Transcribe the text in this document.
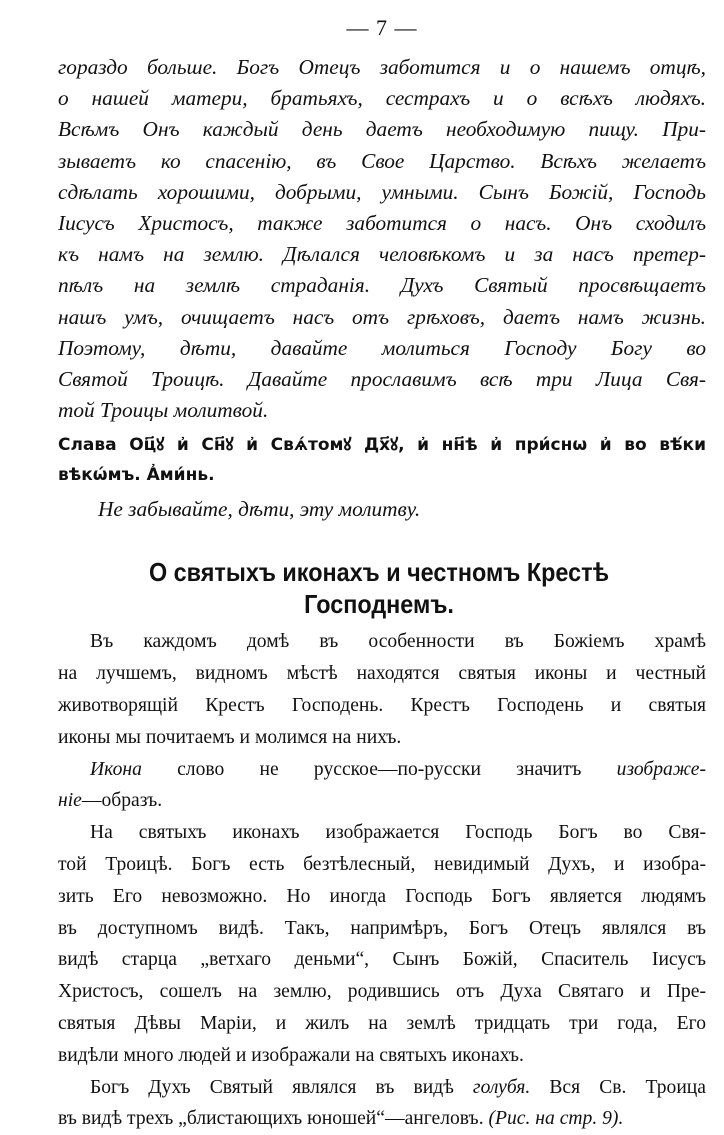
— 7 —

гораздо больше. Богъ Отецъ заботится и о нашемъ отцѣ,

о нашей матери, братьяхъ, сестрахъ и о всѣхъ людяхъ.

Всѣмъ Онъ каждый день даетъ необходимую пищу. При-

зываетъ ко спасенію, въ Свое Царство. Всѣхъ желаетъ

сдѣлать хорошими, добрыми, умными. Сынъ Божій, Господь

Іисусъ Христосъ, также заботится о насъ. Онъ сходилъ

къ намъ на землю. Дѣлался человѣкомъ и за насъ претер-

пѣлъ на землѣ страданія. Духъ Святый просвѣщаетъ

нашъ умъ, очищаетъ насъ отъ грѣховъ, даетъ намъ жизнь.

Поэтому, дѣти, давайте молиться Господу Богу во

Святой Троицѣ. Давайте прославимъ всѣ три Лица Свя-

той Троицы молитвой.

Слава Оц҃ꙋ и҆ Сн҃ꙋ и҆ Свѧ́томꙋ Дх҃ꙋ, и҆ нн҃ѣ и҆ при́снѡ и҆ во вѣ́ки
вѣкѡ́мъ. А҆ми́нь.

Не забывайте, дѣти, эту молитву.

О святыхъ иконахъ и честномъ Крестѣ
Господнемъ.

Въ каждомъ домѣ въ особенности въ Божіемъ храмѣ
на лучшемъ, видномъ мѣстѣ находятся святыя иконы и честный
животворящій Крестъ Господень. Крестъ Господень и святыя
иконы мы почитаемъ и молимся на нихъ.

Икона слово не русское—по-русски значитъ изображе-
ніе—образъ.

На святыхъ иконахъ изображается Господь Богъ во Свя-
той Троицѣ. Богъ есть безтѣлесный, невидимый Духъ, и изобра-
зить Его невозможно. Но иногда Господь Богъ является людямъ
въ доступномъ видѣ. Такъ, напримѣръ, Богъ Отецъ являлся въ
видѣ старца „ветхаго деньми“, Сынъ Божій, Спаситель Іисусъ
Христосъ, сошелъ на землю, родившись отъ Духа Святаго и Пре-
святыя Дѣвы Маріи, и жилъ на землѣ тридцать три года, Его
видѣли много людей и изображали на святыхъ иконахъ.

Богъ Духъ Святый являлся въ видѣ голубя. Вся Св. Троица
въ видѣ трехъ „блистающихъ юношей“—ангеловъ. (Рис. на стр. 9).
